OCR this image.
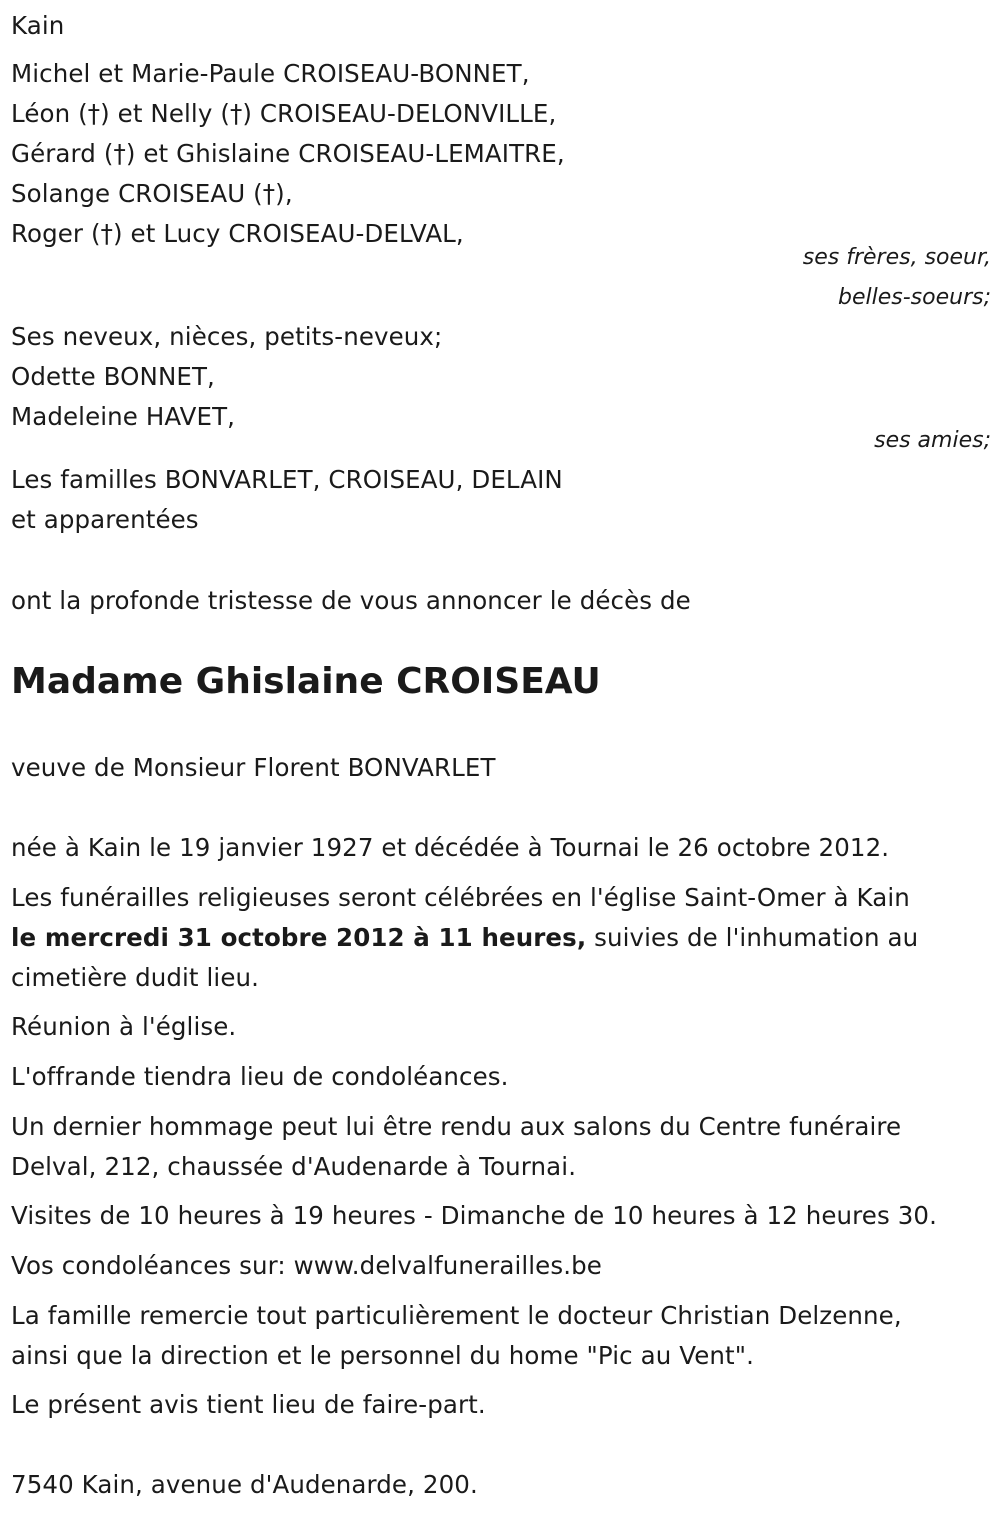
Kain
Michel et Marie-Paule CROISEAU-BONNET,
Léon (†) et Nelly (†) CROISEAU-DELONVILLE,
Gérard (†) et Ghislaine CROISEAU-LEMAITRE,
Solange CROISEAU (†),
Roger (†) et Lucy CROISEAU-DELVAL,
ses frères, soeur,
belles-soeurs;
Ses neveux, nièces, petits-neveux;
Odette BONNET,
Madeleine HAVET,
ses amies;
Les familles BONVARLET, CROISEAU, DELAIN
et apparentées
ont la profonde tristesse de vous annoncer le décès de
Madame Ghislaine CROISEAU
veuve de Monsieur Florent BONVARLET
née à Kain le 19 janvier 1927 et décédée à Tournai le 26 octobre 2012.
Les funérailles religieuses seront célébrées en l'église Saint-Omer à Kain
le mercredi 31 octobre 2012 à 11 heures, suivies de l'inhumation au
cimetière dudit lieu.
Réunion à l'église.
L'offrande tiendra lieu de condoléances.
Un dernier hommage peut lui être rendu aux salons du Centre funéraire
Delval, 212, chaussée d'Audenarde à Tournai.
Visites de 10 heures à 19 heures - Dimanche de 10 heures à 12 heures 30.
Vos condoléances sur: www.delvalfunerailles.be
La famille remercie tout particulièrement le docteur Christian Delzenne,
ainsi que la direction et le personnel du home "Pic au Vent".
Le présent avis tient lieu de faire-part.
7540 Kain, avenue d'Audenarde, 200.
